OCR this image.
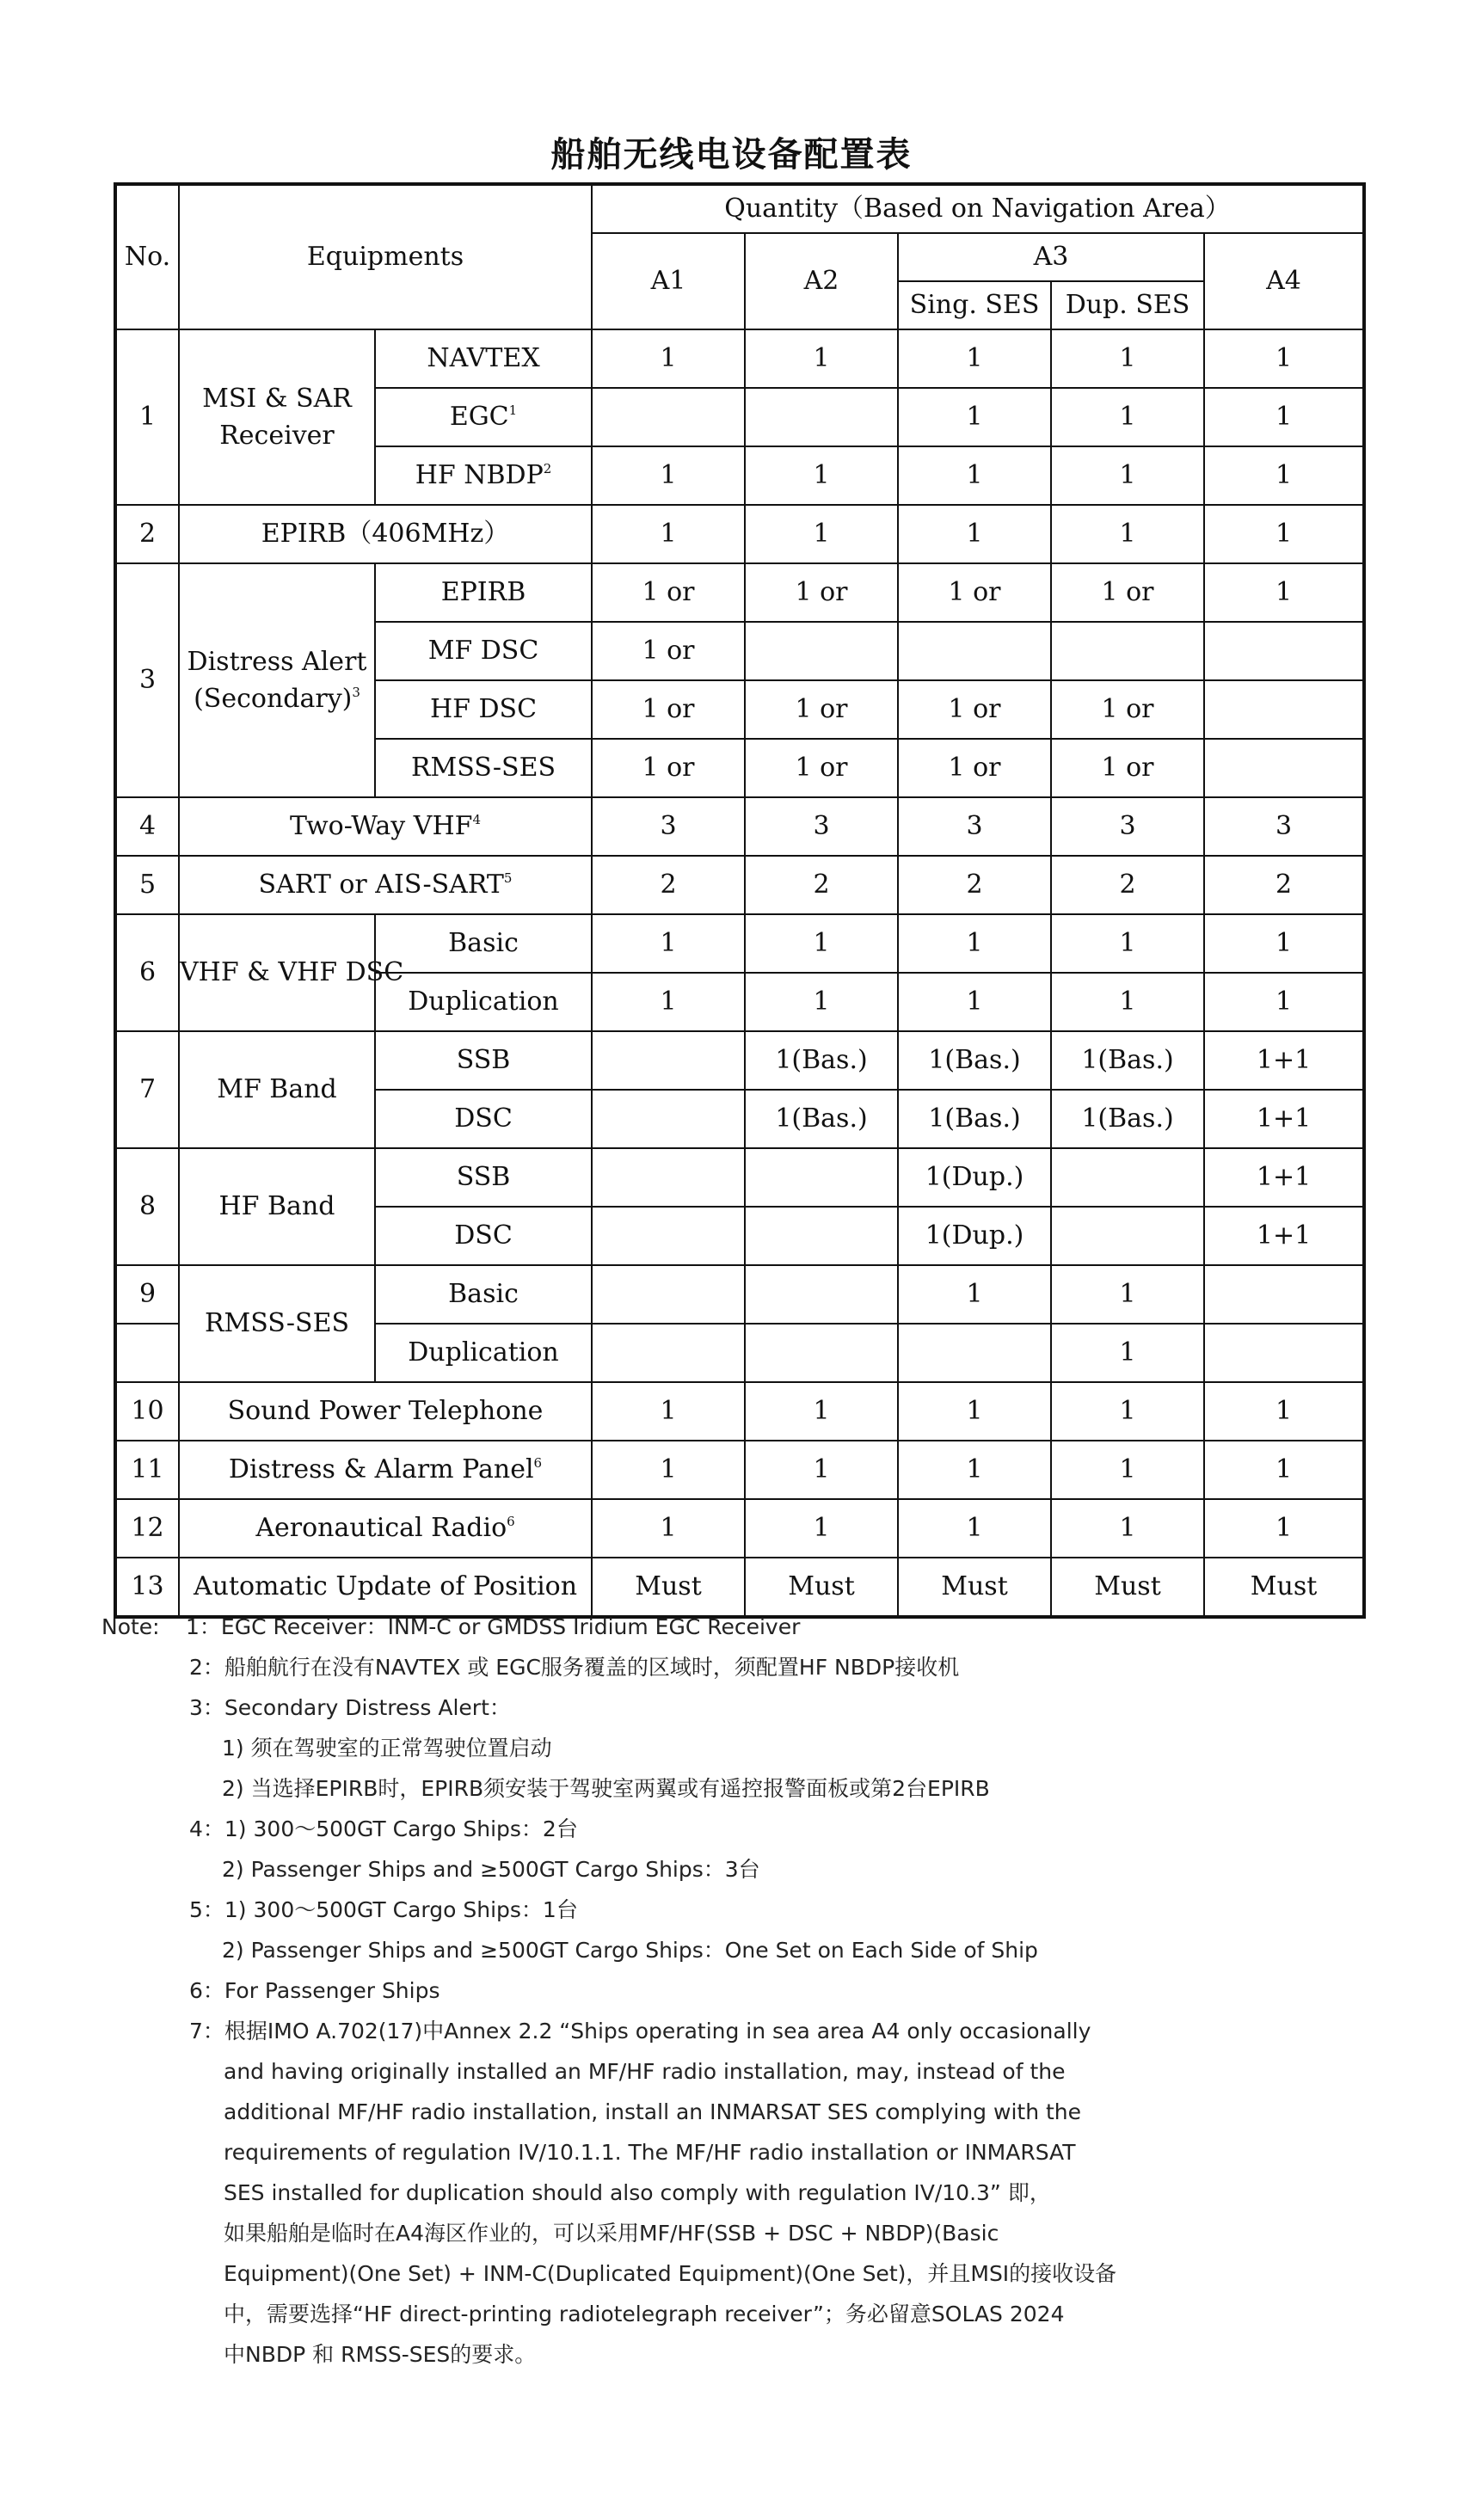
船舶无线电设备配置表
No.	Equipments		Quantity（Based on Navigation Area）				
			A1	A2	A3		A4
					Sing. SES	Dup. SES	
1	MSI & SAR Receiver	NAVTEX	1	1	1	1	1
		EGC$^1$			1	1	1
		HF NBDP$^2$	1	1	1	1	1
2	EPIRB（406MHz）		1	1	1	1	1
3	Distress Alert (Secondary)$^3$	EPIRB	1 or	1 or	1 or	1 or	1
		MF DSC	1 or				
		HF DSC	1 or	1 or	1 or	1 or	
		RMSS-SES	1 or	1 or	1 or	1 or	
4	Two-Way VHF$^4$		3	3	3	3	3
5	SART or AIS-SART$^5$		2	2	2	2	2
6	VHF & VHF DSC	Basic	1	1	1	1	1
		Duplication	1	1	1	1	1
7	MF Band	SSB		1(Bas.)	1(Bas.)	1(Bas.)	1+1
		DSC		1(Bas.)	1(Bas.)	1(Bas.)	1+1
8	HF Band	SSB			1(Dup.)		1+1
		DSC			1(Dup.)		1+1
9	RMSS-SES	Basic			1	1	
		Duplication				1	
10	Sound Power Telephone		1	1	1	1	1
11	Distress & Alarm Panel$^6$		1	1	1	1	1
12	Aeronautical Radio$^6$		1	1	1	1	1
13	Automatic Update of Position		Must	Must	Must	Must	Must
Note: 1：EGC Receiver：INM-C or GMDSS Iridium EGC Receiver
2：船舶航行在没有NAVTEX 或 EGC服务覆盖的区域时，须配置HF NBDP接收机
3：Secondary Distress Alert：
1) 须在驾驶室的正常驾驶位置启动
2) 当选择EPIRB时，EPIRB须安装于驾驶室两翼或有遥控报警面板或第2台EPIRB
4：1) 300～500GT Cargo Ships：2台
2) Passenger Ships and ≥500GT Cargo Ships：3台
5：1) 300～500GT Cargo Ships：1台
2) Passenger Ships and ≥500GT Cargo Ships：One Set on Each Side of Ship
6：For Passenger Ships
7：根据IMO A.702(17)中Annex 2.2 “Ships operating in sea area A4 only occasionally
and having originally installed an MF/HF radio installation, may, instead of the
additional MF/HF radio installation, install an INMARSAT SES complying with the
requirements of regulation IV/10.1.1. The MF/HF radio installation or INMARSAT
SES installed for duplication should also comply with regulation IV/10.3” 即，
如果船舶是临时在A4海区作业的，可以采用MF/HF(SSB + DSC + NBDP)(Basic
Equipment)(One Set) + INM-C(Duplicated Equipment)(One Set)，并且MSI的接收设备
中，需要选择“HF direct-printing radiotelegraph receiver”；务必留意SOLAS 2024
中NBDP 和 RMSS-SES的要求。
